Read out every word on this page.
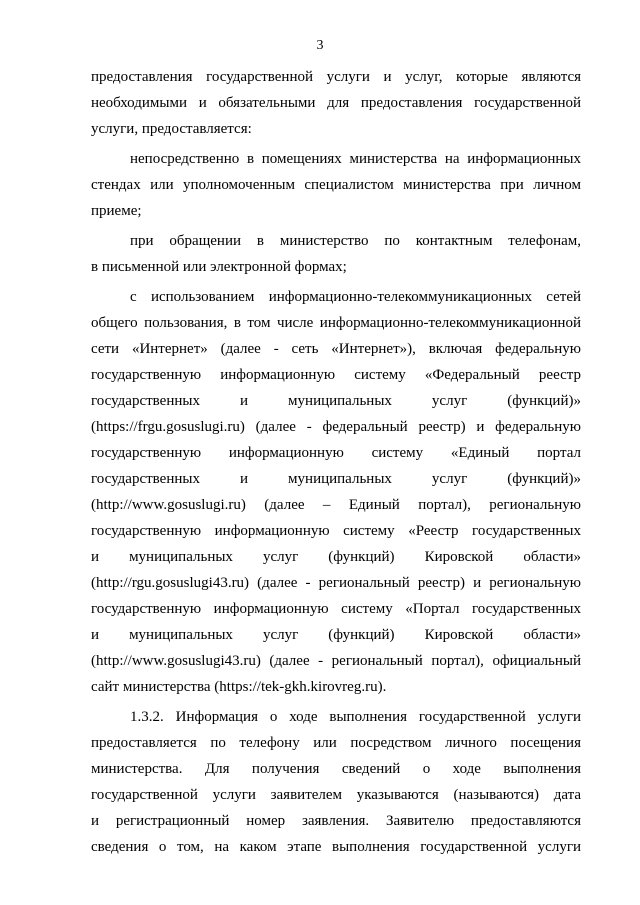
3
предоставления государственной услуги и услуг, которые являются
необходимыми и обязательными для предоставления государственной
услуги, предоставляется:
непосредственно в помещениях министерства на информационных
стендах или уполномоченным специалистом министерства при личном
приеме;
при обращении в министерство по контактным телефонам,
в письменной или электронной формах;
с использованием информационно-телекоммуникационных сетей
общего пользования, в том числе информационно-телекоммуникационной
сети «Интернет» (далее - сеть «Интернет»), включая федеральную
государственную информационную систему «Федеральный реестр
государственных и муниципальных услуг (функций)»
(https://frgu.gosuslugi.ru) (далее - федеральный реестр) и федеральную
государственную информационную систему «Единый портал
государственных и муниципальных услуг (функций)»
(http://www.gosuslugi.ru) (далее – Единый портал), региональную
государственную информационную систему «Реестр государственных
и муниципальных услуг (функций) Кировской области»
(http://rgu.gosuslugi43.ru) (далее - региональный реестр) и региональную
государственную информационную систему «Портал государственных
и муниципальных услуг (функций) Кировской области»
(http://www.gosuslugi43.ru) (далее - региональный портал), официальный
сайт министерства (https://tek-gkh.kirovreg.ru).
1.3.2. Информация о ходе выполнения государственной услуги
предоставляется по телефону или посредством личного посещения
министерства. Для получения сведений о ходе выполнения
государственной услуги заявителем указываются (называются) дата
и регистрационный номер заявления. Заявителю предоставляются
сведения о том, на каком этапе выполнения государственной услуги
